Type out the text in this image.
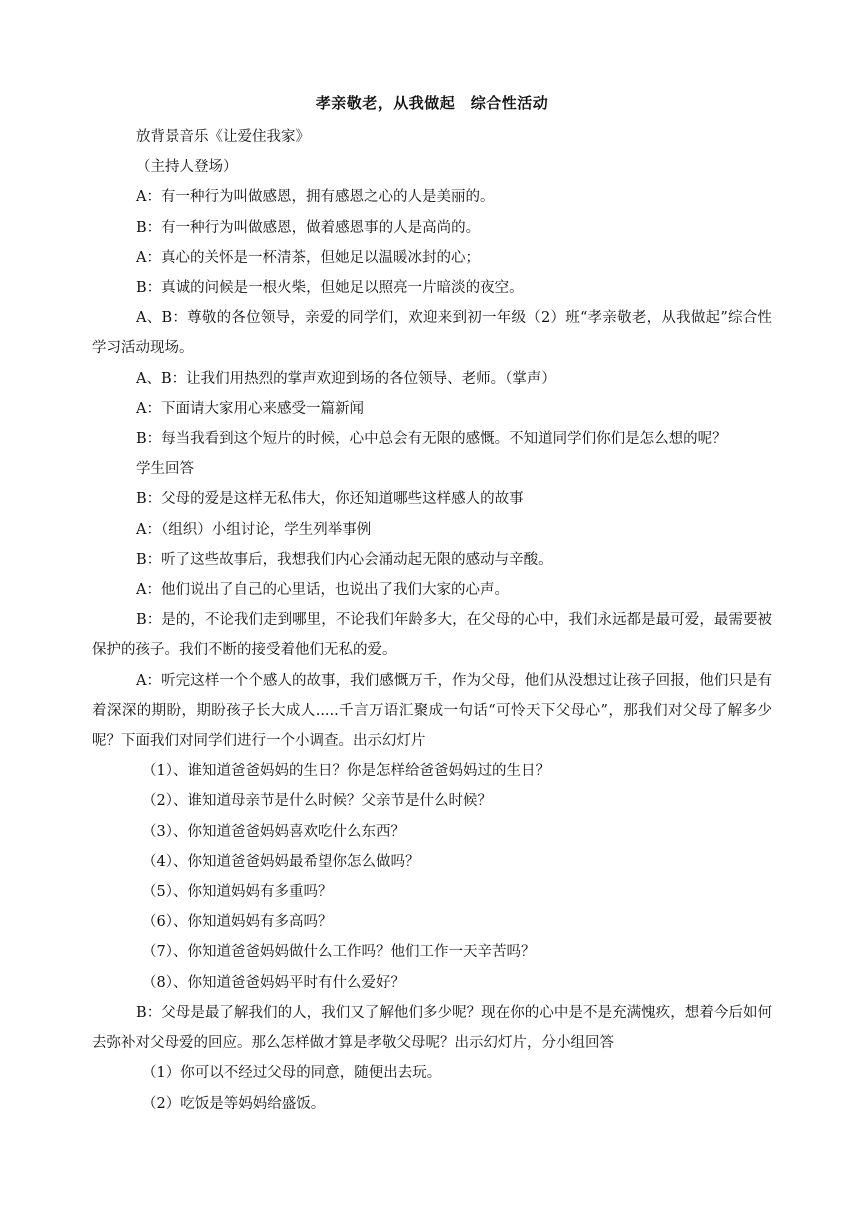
孝亲敬老，从我做起　综合性活动

放背景音乐《让爱住我家》

（主持人登场）

A：有一种行为叫做感恩，拥有感恩之心的人是美丽的。

B：有一种行为叫做感恩，做着感恩事的人是高尚的。

A：真心的关怀是一杯清茶，但她足以温暖冰封的心；

B：真诚的问候是一根火柴，但她足以照亮一片暗淡的夜空。

A、B：尊敬的各位领导，亲爱的同学们，欢迎来到初一年级（2）班“孝亲敬老，从我做起”综合性学习活动现场。

A、B：让我们用热烈的掌声欢迎到场的各位领导、老师。（掌声）

A：下面请大家用心来感受一篇新闻

B：每当我看到这个短片的时候，心中总会有无限的感慨。不知道同学们你们是怎么想的呢？

学生回答

B：父母的爱是这样无私伟大，你还知道哪些这样感人的故事

A：（组织）小组讨论，学生列举事例

B：听了这些故事后，我想我们内心会涌动起无限的感动与辛酸。

A：他们说出了自己的心里话，也说出了我们大家的心声。

B：是的，不论我们走到哪里，不论我们年龄多大，在父母的心中，我们永远都是最可爱，最需要被保护的孩子。我们不断的接受着他们无私的爱。

A：听完这样一个个感人的故事，我们感慨万千，作为父母，他们从没想过让孩子回报，他们只是有着深深的期盼，期盼孩子长大成人.....千言万语汇聚成一句话“可怜天下父母心”，那我们对父母了解多少呢？下面我们对同学们进行一个小调查。出示幻灯片

（1）、谁知道爸爸妈妈的生日？你是怎样给爸爸妈妈过的生日？

（2）、谁知道母亲节是什么时候？父亲节是什么时候？

（3）、你知道爸爸妈妈喜欢吃什么东西？

（4）、你知道爸爸妈妈最希望你怎么做吗？

（5）、你知道妈妈有多重吗？

（6）、你知道妈妈有多高吗？

（7）、你知道爸爸妈妈做什么工作吗？他们工作一天辛苦吗？

（8）、你知道爸爸妈妈平时有什么爱好？

B：父母是最了解我们的人，我们又了解他们多少呢？现在你的心中是不是充满愧疚，想着今后如何去弥补对父母爱的回应。那么怎样做才算是孝敬父母呢？出示幻灯片，分小组回答

（1）你可以不经过父母的同意，随便出去玩。

（2）吃饭是等妈妈给盛饭。
